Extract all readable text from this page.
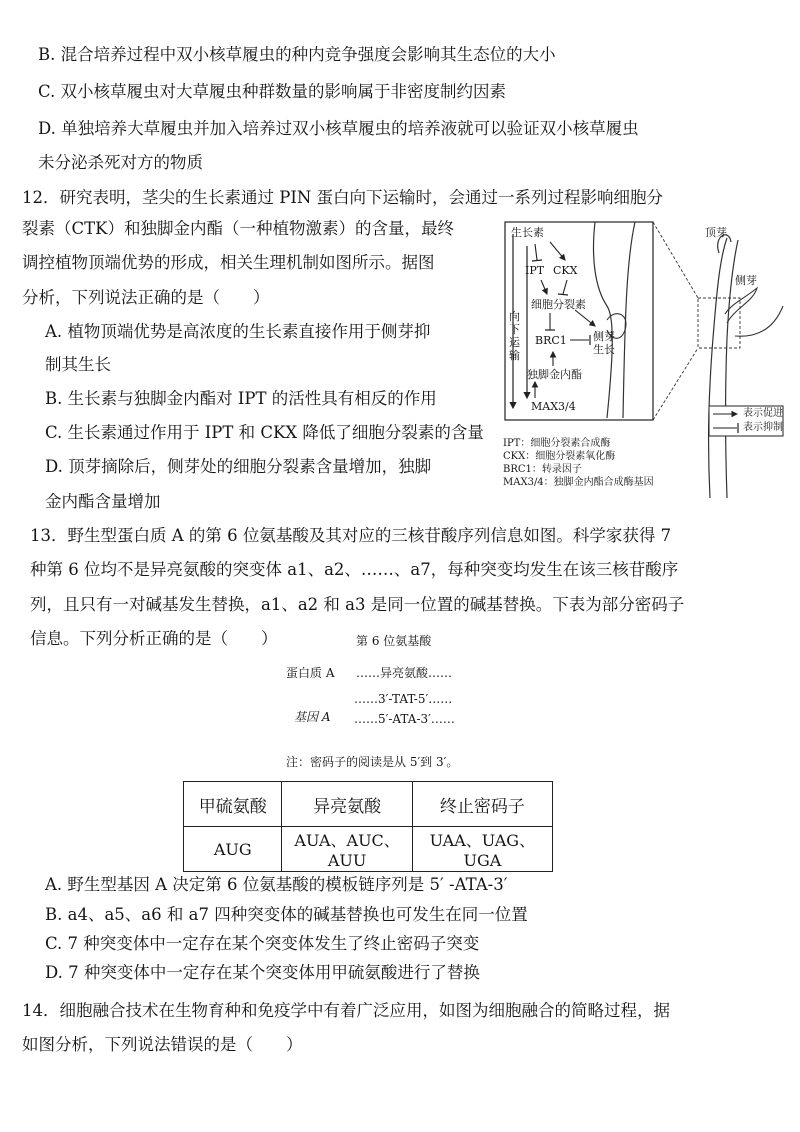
B. 混合培养过程中双小核草履虫的种内竞争强度会影响其生态位的大小
C. 双小核草履虫对大草履虫种群数量的影响属于非密度制约因素
D. 单独培养大草履虫并加入培养过双小核草履虫的培养液就可以验证双小核草履虫
未分泌杀死对方的物质
12．研究表明，茎尖的生长素通过 PIN 蛋白向下运输时，会通过一系列过程影响细胞分
裂素（CTK）和独脚金内酯（一种植物激素）的含量，最终
调控植物顶端优势的形成，相关生理机制如图所示。据图
分析，下列说法正确的是（　　）
A. 植物顶端优势是高浓度的生长素直接作用于侧芽抑
制其生长
B. 生长素与独脚金内酯对 IPT 的活性具有相反的作用
C. 生长素通过作用于 IPT 和 CKX 降低了细胞分裂素的含量
D. 顶芽摘除后，侧芽处的细胞分裂素含量增加，独脚
金内酯含量增加
生长素
IPT CKX
细胞分裂素
向
下
运
输
BRC1 侧芽
生长
独脚金内酯
MAX3/4
顶芽
侧芽
表示促进
表示抑制
IPT：细胞分裂素合成酶
CKX：细胞分裂素氧化酶
BRC1：转录因子
MAX3/4：独脚金内酯合成酶基因
13．野生型蛋白质 A 的第 6 位氨基酸及其对应的三核苷酸序列信息如图。科学家获得 7
种第 6 位均不是异亮氨酸的突变体 a1、a2、……、a7，每种突变均发生在该三核苷酸序
列，且只有一对碱基发生替换，a1、a2 和 a3 是同一位置的碱基替换。下表为部分密码子
信息。下列分析正确的是（　　）	第 6 位氨基酸
蛋白质 A ……异亮氨酸……
……3′-TAT-5′……
基因 A ……5′-ATA-3′……
注：密码子的阅读是从 5′到 3′。
甲硫氨酸	异亮氨酸	终止密码子
AUG	AUA、AUC、AUU	UAA、UAG、UGA
A. 野生型基因 A 决定第 6 位氨基酸的模板链序列是 5′ -ATA-3′
B. a4、a5、a6 和 a7 四种突变体的碱基替换也可发生在同一位置
C. 7 种突变体中一定存在某个突变体发生了终止密码子突变
D. 7 种突变体中一定存在某个突变体用甲硫氨酸进行了替换
14．细胞融合技术在生物育种和免疫学中有着广泛应用，如图为细胞融合的简略过程，据
如图分析，下列说法错误的是（　　）
